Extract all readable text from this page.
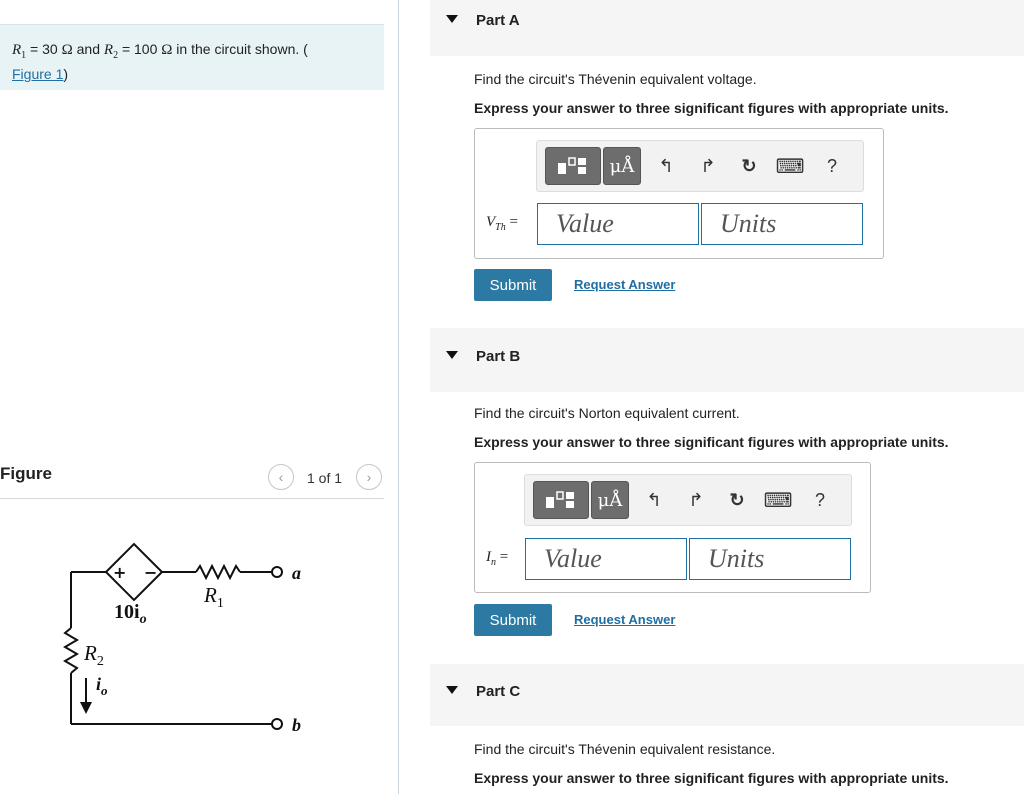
$R_1 = 30$ Ω and $R_2 = 100$ Ω in the circuit shown. (
Figure 1)
Figure	‹ 1 of 1 ›
+ −
$10i_o$
$R_1$
$R_2$
$i_o$
a
b
Part A
Find the circuit's Thévenin equivalent voltage.
Express your answer to three significant figures with appropriate units.
μÅ	↰	↱	↻ ⌨	?
$V_{Th}$ =
Value
Units
Submit	Request Answer
Part B
Find the circuit's Norton equivalent current.
Express your answer to three significant figures with appropriate units.
μÅ	↰	↱	↻ ⌨	?
$I_n$ =
Value
Units
Submit	Request Answer
Part C
Find the circuit's Thévenin equivalent resistance.
Express your answer to three significant figures with appropriate units.
